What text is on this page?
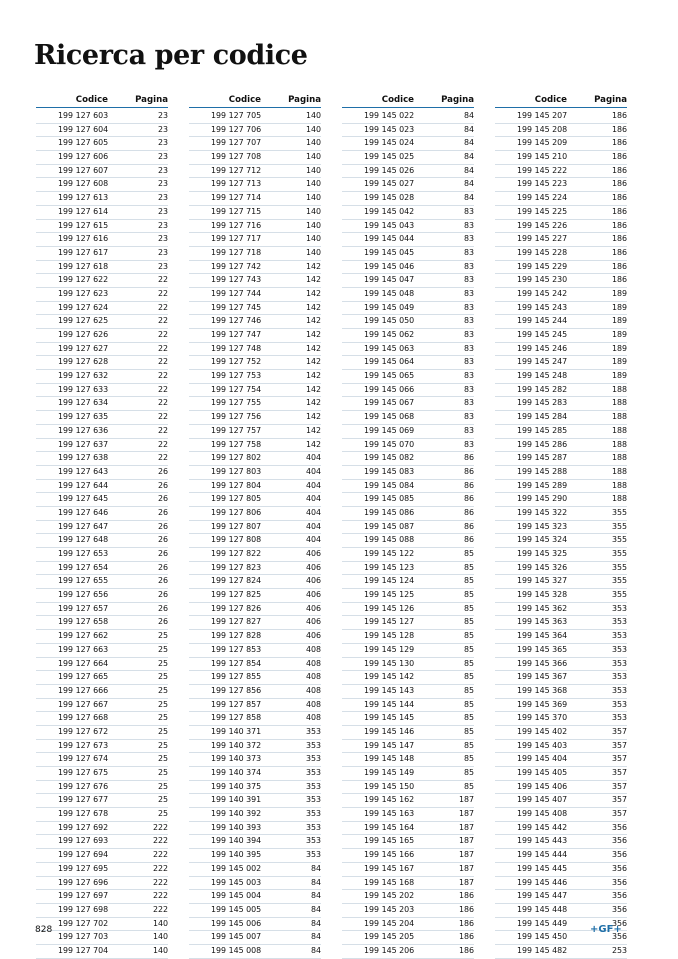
Ricerca per codice
Codice	Pagina
199 127 603	23
199 127 604	23
199 127 605	23
199 127 606	23
199 127 607	23
199 127 608	23
199 127 613	23
199 127 614	23
199 127 615	23
199 127 616	23
199 127 617	23
199 127 618	23
199 127 622	22
199 127 623	22
199 127 624	22
199 127 625	22
199 127 626	22
199 127 627	22
199 127 628	22
199 127 632	22
199 127 633	22
199 127 634	22
199 127 635	22
199 127 636	22
199 127 637	22
199 127 638	22
199 127 643	26
199 127 644	26
199 127 645	26
199 127 646	26
199 127 647	26
199 127 648	26
199 127 653	26
199 127 654	26
199 127 655	26
199 127 656	26
199 127 657	26
199 127 658	26
199 127 662	25
199 127 663	25
199 127 664	25
199 127 665	25
199 127 666	25
199 127 667	25
199 127 668	25
199 127 672	25
199 127 673	25
199 127 674	25
199 127 675	25
199 127 676	25
199 127 677	25
199 127 678	25
199 127 692	222
199 127 693	222
199 127 694	222
199 127 695	222
199 127 696	222
199 127 697	222
199 127 698	222
199 127 702	140
199 127 703	140
199 127 704	140
Codice	Pagina
199 127 705	140
199 127 706	140
199 127 707	140
199 127 708	140
199 127 712	140
199 127 713	140
199 127 714	140
199 127 715	140
199 127 716	140
199 127 717	140
199 127 718	140
199 127 742	142
199 127 743	142
199 127 744	142
199 127 745	142
199 127 746	142
199 127 747	142
199 127 748	142
199 127 752	142
199 127 753	142
199 127 754	142
199 127 755	142
199 127 756	142
199 127 757	142
199 127 758	142
199 127 802	404
199 127 803	404
199 127 804	404
199 127 805	404
199 127 806	404
199 127 807	404
199 127 808	404
199 127 822	406
199 127 823	406
199 127 824	406
199 127 825	406
199 127 826	406
199 127 827	406
199 127 828	406
199 127 853	408
199 127 854	408
199 127 855	408
199 127 856	408
199 127 857	408
199 127 858	408
199 140 371	353
199 140 372	353
199 140 373	353
199 140 374	353
199 140 375	353
199 140 391	353
199 140 392	353
199 140 393	353
199 140 394	353
199 140 395	353
199 145 002	84
199 145 003	84
199 145 004	84
199 145 005	84
199 145 006	84
199 145 007	84
199 145 008	84
Codice	Pagina
199 145 022	84
199 145 023	84
199 145 024	84
199 145 025	84
199 145 026	84
199 145 027	84
199 145 028	84
199 145 042	83
199 145 043	83
199 145 044	83
199 145 045	83
199 145 046	83
199 145 047	83
199 145 048	83
199 145 049	83
199 145 050	83
199 145 062	83
199 145 063	83
199 145 064	83
199 145 065	83
199 145 066	83
199 145 067	83
199 145 068	83
199 145 069	83
199 145 070	83
199 145 082	86
199 145 083	86
199 145 084	86
199 145 085	86
199 145 086	86
199 145 087	86
199 145 088	86
199 145 122	85
199 145 123	85
199 145 124	85
199 145 125	85
199 145 126	85
199 145 127	85
199 145 128	85
199 145 129	85
199 145 130	85
199 145 142	85
199 145 143	85
199 145 144	85
199 145 145	85
199 145 146	85
199 145 147	85
199 145 148	85
199 145 149	85
199 145 150	85
199 145 162	187
199 145 163	187
199 145 164	187
199 145 165	187
199 145 166	187
199 145 167	187
199 145 168	187
199 145 202	186
199 145 203	186
199 145 204	186
199 145 205	186
199 145 206	186
Codice	Pagina
199 145 207	186
199 145 208	186
199 145 209	186
199 145 210	186
199 145 222	186
199 145 223	186
199 145 224	186
199 145 225	186
199 145 226	186
199 145 227	186
199 145 228	186
199 145 229	186
199 145 230	186
199 145 242	189
199 145 243	189
199 145 244	189
199 145 245	189
199 145 246	189
199 145 247	189
199 145 248	189
199 145 282	188
199 145 283	188
199 145 284	188
199 145 285	188
199 145 286	188
199 145 287	188
199 145 288	188
199 145 289	188
199 145 290	188
199 145 322	355
199 145 323	355
199 145 324	355
199 145 325	355
199 145 326	355
199 145 327	355
199 145 328	355
199 145 362	353
199 145 363	353
199 145 364	353
199 145 365	353
199 145 366	353
199 145 367	353
199 145 368	353
199 145 369	353
199 145 370	353
199 145 402	357
199 145 403	357
199 145 404	357
199 145 405	357
199 145 406	357
199 145 407	357
199 145 408	357
199 145 442	356
199 145 443	356
199 145 444	356
199 145 445	356
199 145 446	356
199 145 447	356
199 145 448	356
199 145 449	356
199 145 450	356
199 145 482	253
828	+GF+
